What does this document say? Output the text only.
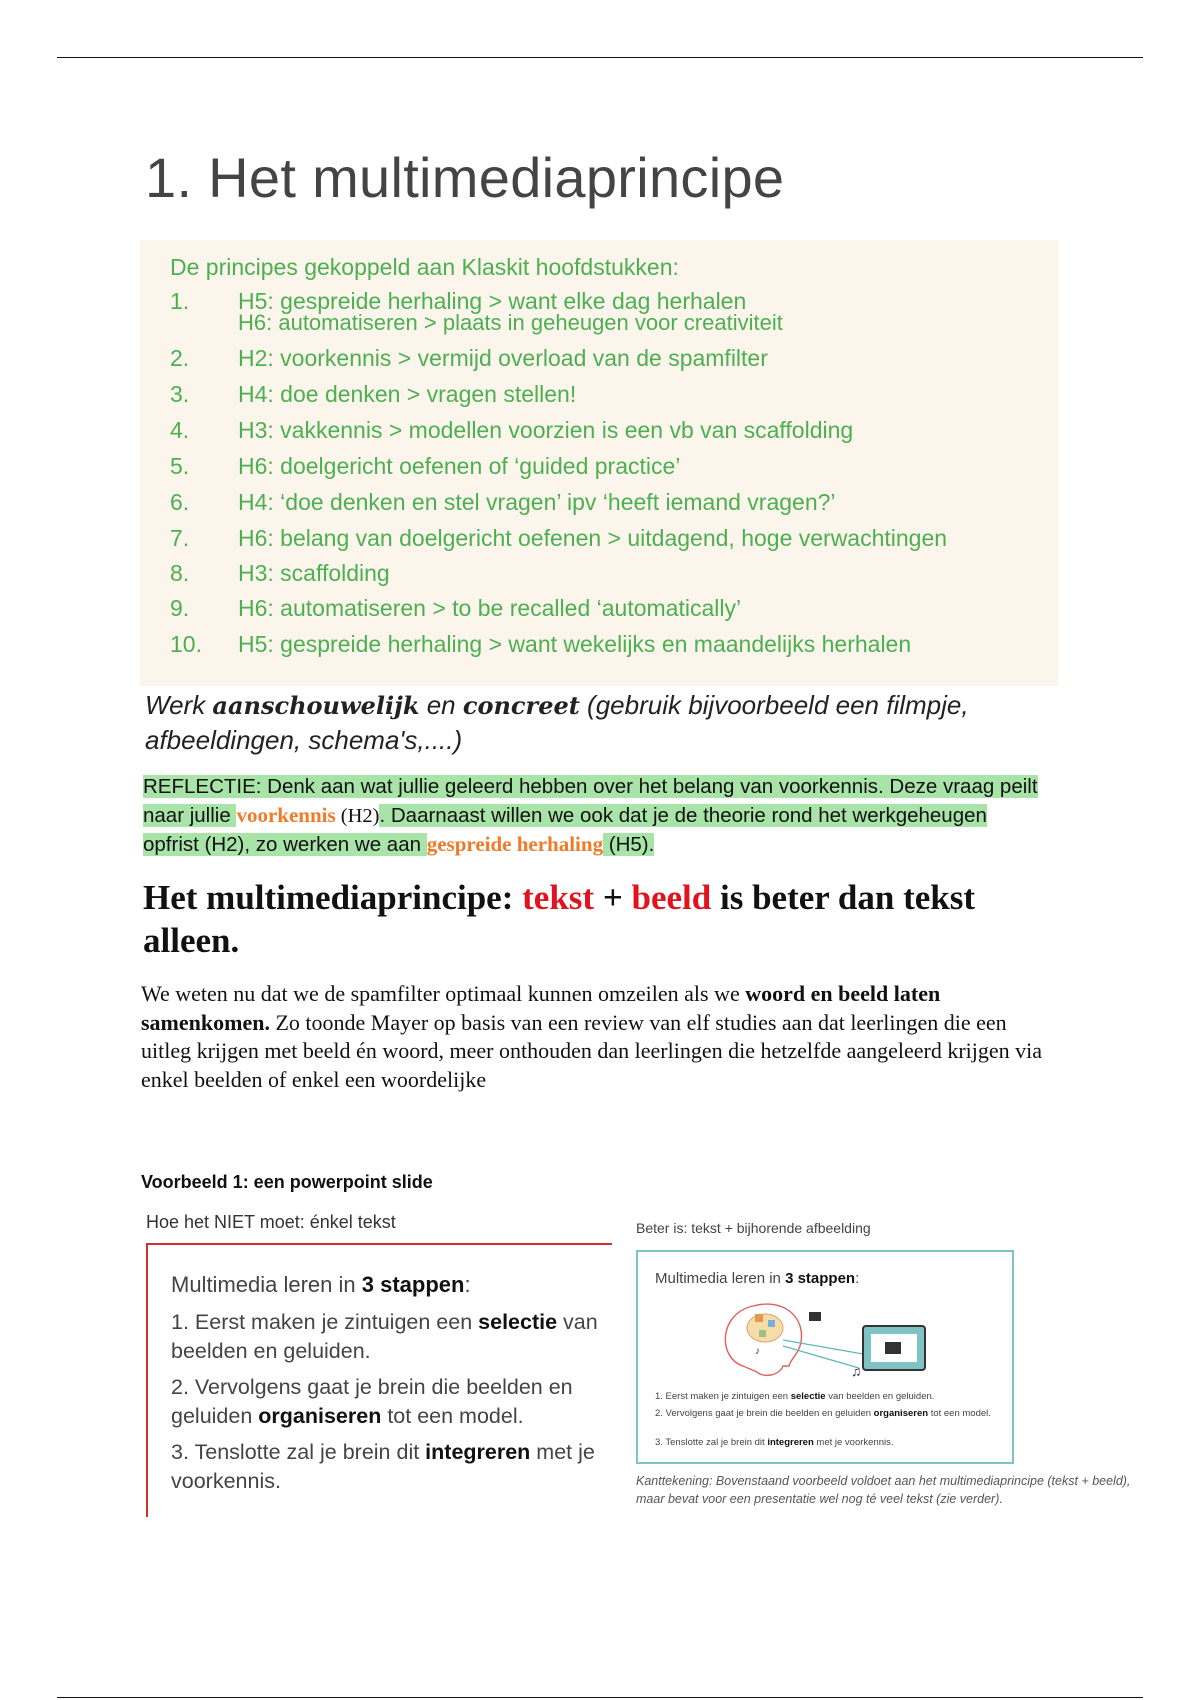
1. Het multimediaprincipe
De principes gekoppeld aan Klaskit hoofdstukken:
1. H5: gespreide herhaling > want elke dag herhalen
H6: automatiseren > plaats in geheugen voor creativiteit
2. H2: voorkennis > vermijd overload van de spamfilter
3. H4: doe denken > vragen stellen!
4. H3: vakkennis > modellen voorzien is een vb van scaffolding
5. H6: doelgericht oefenen of ‘guided practice’
6. H4: ‘doe denken en stel vragen’ ipv ‘heeft iemand vragen?’
7. H6: belang van doelgericht oefenen > uitdagend, hoge verwachtingen
8. H3: scaffolding
9. H6: automatiseren > to be recalled ‘automatically’
10. H5: gespreide herhaling > want wekelijks en maandelijks herhalen
Werk aanschouwelijk en concreet (gebruik bijvoorbeeld een filmpje, afbeeldingen, schema's,....)
REFLECTIE: Denk aan wat jullie geleerd hebben over het belang van voorkennis. Deze vraag peilt naar jullie voorkennis (H2). Daarnaast willen we ook dat je de theorie rond het werkgeheugen opfrist (H2), zo werken we aan gespreide herhaling (H5).
Het multimediaprincipe: tekst + beeld is beter dan tekst alleen.
We weten nu dat we de spamfilter optimaal kunnen omzeilen als we woord en beeld laten samenkomen. Zo toonde Mayer op basis van een review van elf studies aan dat leerlingen die een uitleg krijgen met beeld én woord, meer onthouden dan leerlingen die hetzelfde aangeleerd krijgen via enkel beelden of enkel een woordelijke
Voorbeeld 1: een powerpoint slide
Hoe het NIET moet: énkel tekst
Multimedia leren in 3 stappen:
1. Eerst maken je zintuigen een selectie van beelden en geluiden.
2. Vervolgens gaat je brein die beelden en geluiden organiseren tot een model.
3. Tenslotte zal je brein dit integreren met je voorkennis.
Beter is: tekst + bijhorende afbeelding
Multimedia leren in 3 stappen:
♪
♫
1. Eerst maken je zintuigen een selectie van beelden en geluiden.
2. Vervolgens gaat je brein die beelden en geluiden organiseren tot een model.
3. Tenslotte zal je brein dit integreren met je voorkennis.
Kanttekening: Bovenstaand voorbeeld voldoet aan het multimediaprincipe (tekst + beeld), maar bevat voor een presentatie wel nog té veel tekst (zie verder).
